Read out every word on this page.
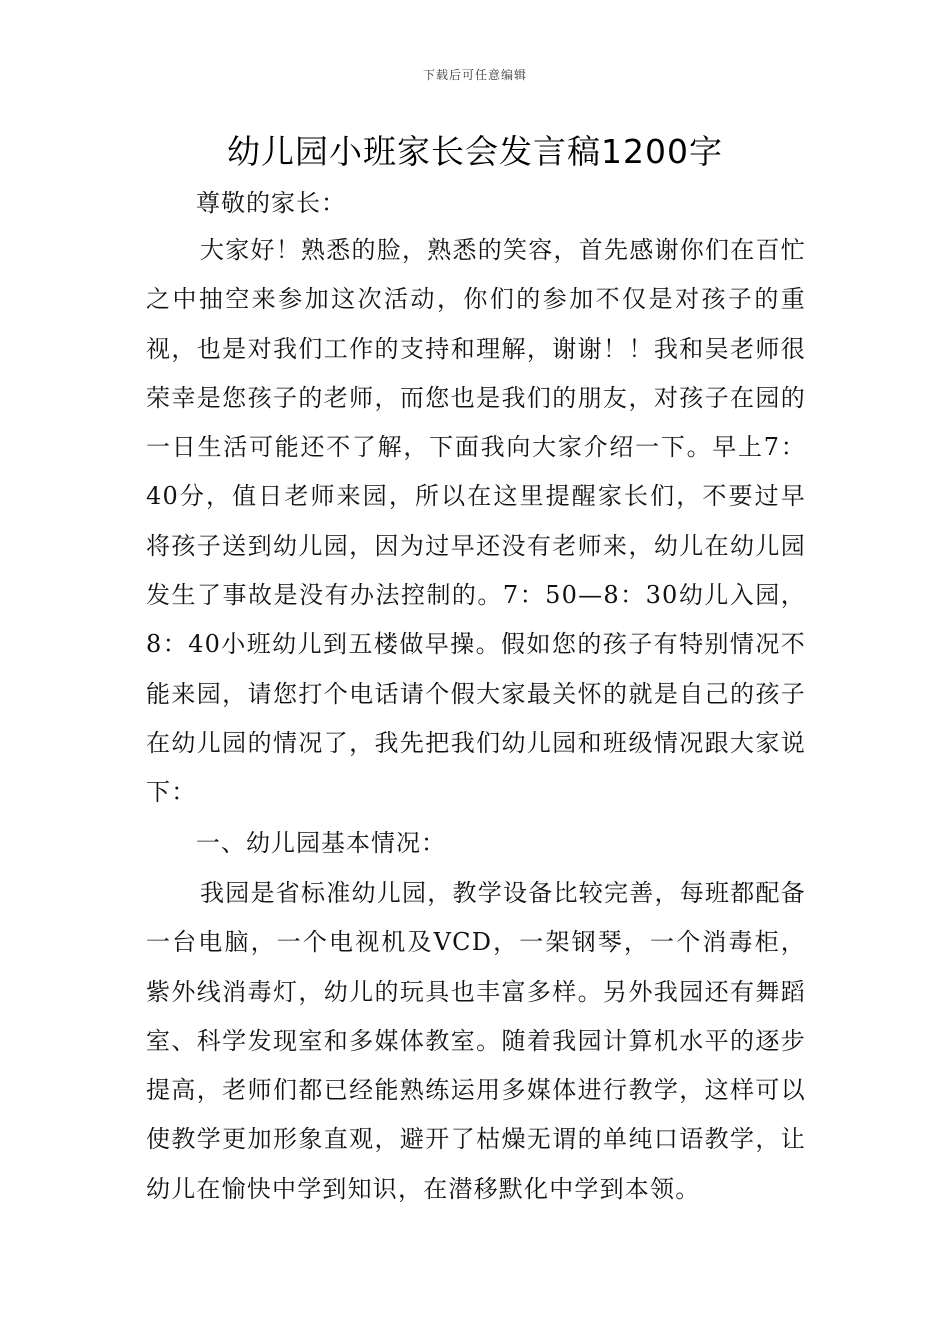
下载后可任意编辑
幼儿园小班家长会发言稿1200字
尊敬的家长：

大家好！熟悉的脸，熟悉的笑容，首先感谢你们在百忙之中抽空来参加这次活动，你们的参加不仅是对孩子的重视，也是对我们工作的支持和理解，谢谢！！我和吴老师很荣幸是您孩子的老师，而您也是我们的朋友，对孩子在园的一日生活可能还不了解，下面我向大家介绍一下。早上7：40分，值日老师来园，所以在这里提醒家长们，不要过早将孩子送到幼儿园，因为过早还没有老师来，幼儿在幼儿园发生了事故是没有办法控制的。7：50—8：30幼儿入园，8：40小班幼儿到五楼做早操。假如您的孩子有特别情况不能来园，请您打个电话请个假大家最关怀的就是自己的孩子在幼儿园的情况了，我先把我们幼儿园和班级情况跟大家说下：

一、幼儿园基本情况：

我园是省标准幼儿园，教学设备比较完善，每班都配备一台电脑，一个电视机及VCD，一架钢琴，一个消毒柜，紫外线消毒灯，幼儿的玩具也丰富多样。另外我园还有舞蹈室、科学发现室和多媒体教室。随着我园计算机水平的逐步提高，老师们都已经能熟练运用多媒体进行教学，这样可以使教学更加形象直观，避开了枯燥无谓的单纯口语教学，让幼儿在愉快中学到知识，在潜移默化中学到本领。
